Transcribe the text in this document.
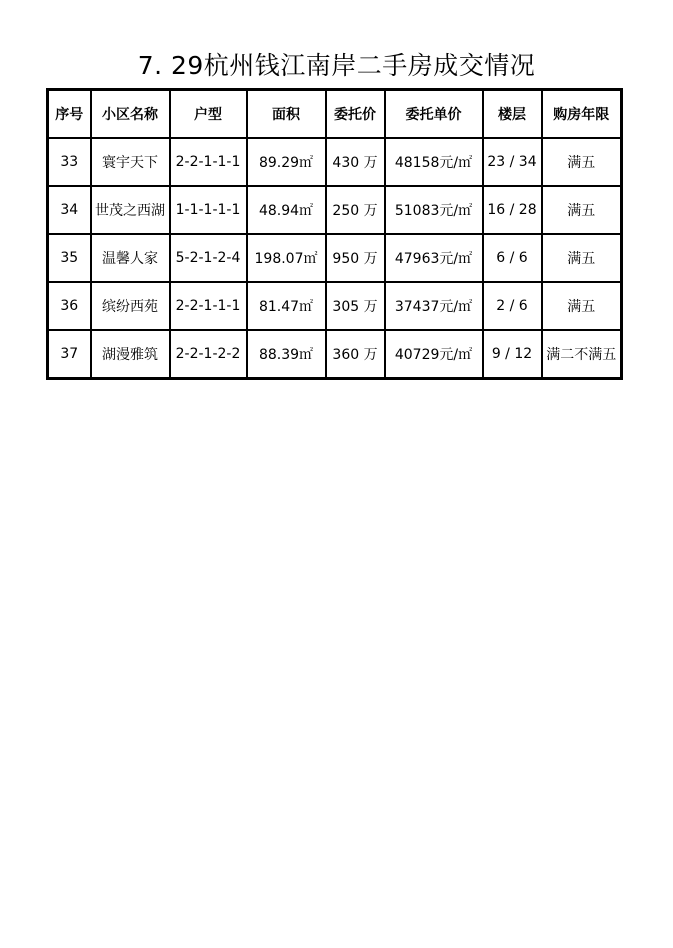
7. 29杭州钱江南岸二手房成交情况
序号	小区名称	户型	面积	委托价	委托单价	楼层	购房年限
33	寰宇天下	2-2-1-1-1	89.29㎡	430 万	48158元/㎡	23 / 34	满五
34	世茂之西湖	1-1-1-1-1	48.94㎡	250 万	51083元/㎡	16 / 28	满五
35	温馨人家	5-2-1-2-4	198.07㎡	950 万	47963元/㎡	6 / 6	满五
36	缤纷西苑	2-2-1-1-1	81.47㎡	305 万	37437元/㎡	2 / 6	满五
37	湖漫雅筑	2-2-1-2-2	88.39㎡	360 万	40729元/㎡	9 / 12	满二不满五
